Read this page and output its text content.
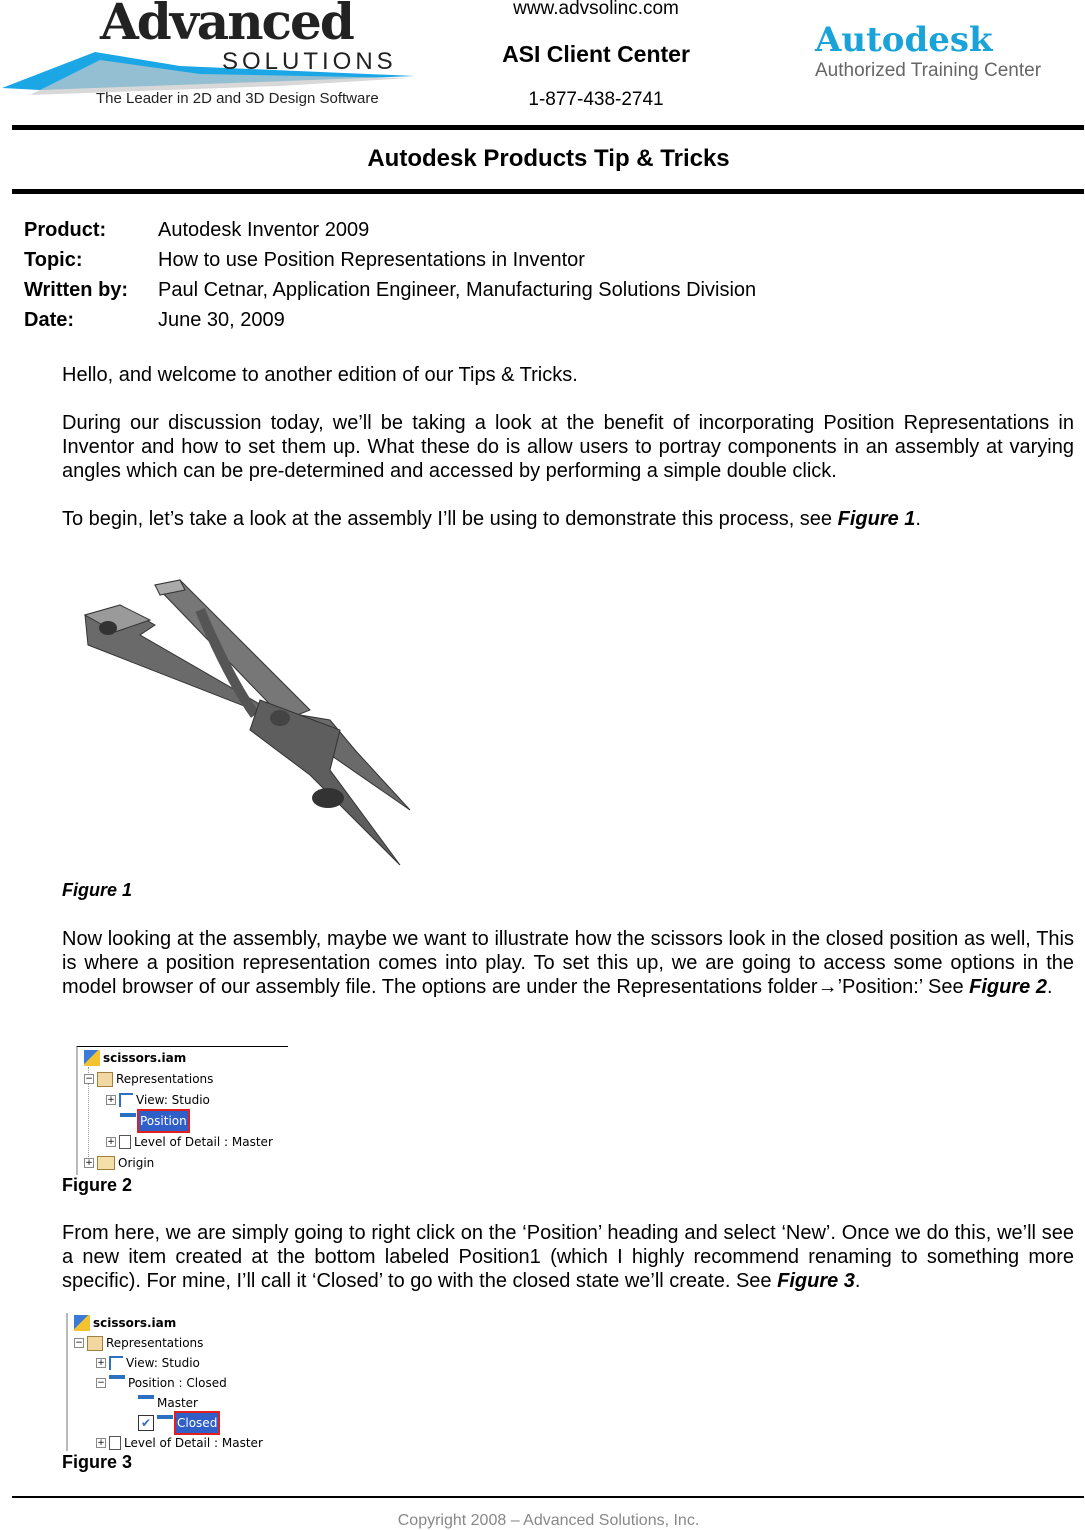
Advanced
SOLUTIONS
The Leader in 2D and 3D Design Software
www.advsolinc.com
ASI Client Center
1-877-438-2741
Autodesk
Authorized Training Center
Autodesk Products Tip & Tricks
Product:	Autodesk Inventor 2009
Topic:	How to use Position Representations in Inventor
Written by: Paul Cetnar, Application Engineer, Manufacturing Solutions Division
Date:	June 30, 2009
Hello, and welcome to another edition of our Tips & Tricks.
During our discussion today, we’ll be taking a look at the benefit of incorporating Position Representations in Inventor and how to set them up. What these do is allow users to portray components in an assembly at varying angles which can be pre-determined and accessed by performing a simple double click.
To begin, let’s take a look at the assembly I’ll be using to demonstrate this process, see Figure 1.
Figure 1
Now looking at the assembly, maybe we want to illustrate how the scissors look in the closed position as well, This is where a position representation comes into play. To set this up, we are going to access some options in the model browser of our assembly file. The options are under the Representations folder→’Position:’ See Figure 2.
scissors.iam
− Representations
+ View: Studio
Position
+ Level of Detail : Master
+ Origin
Figure 2
From here, we are simply going to right click on the ‘Position’ heading and select ‘New’. Once we do this, we’ll see a new item created at the bottom labeled Position1 (which I highly recommend renaming to something more specific). For mine, I’ll call it ‘Closed’ to go with the closed state we’ll create. See Figure 3.
scissors.iam
− Representations
+ View: Studio
− Position : Closed
Master
✔ Closed
+ Level of Detail : Master
Figure 3
Copyright 2008 – Advanced Solutions, Inc.
